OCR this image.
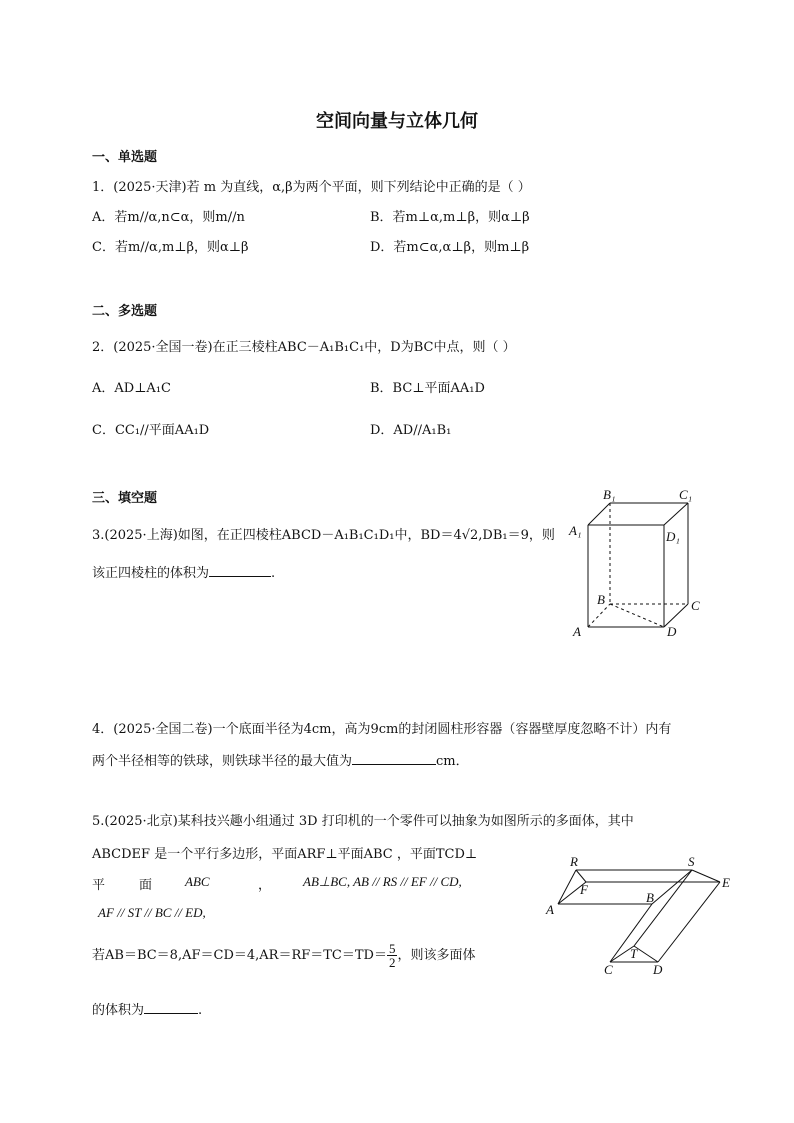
空间向量与立体几何
一、单选题
1．(2025·天津)若 m 为直线，α,β为两个平面，则下列结论中正确的是（ ）
A．若m//α,n⊂α，则m//n	B．若m⊥α,m⊥β，则α⊥β
C．若m//α,m⊥β，则α⊥β	D．若m⊂α,α⊥β，则m⊥β
二、多选题
2．(2025·全国一卷)在正三棱柱ABC－A₁B₁C₁中，D为BC中点，则（ ）
A．AD⊥A₁C	B．BC⊥平面AA₁D
C．CC₁//平面AA₁D	D．AD//A₁B₁
三、填空题
3.(2025·上海)如图，在正四棱柱ABCD－A₁B₁C₁D₁中，BD＝4√2,DB₁＝9，则
该正四棱柱的体积为	.
B₁	C₁
A₁	D₁
B	C
A	D
4．(2025·全国二卷)一个底面半径为4cm，高为9cm的封闭圆柱形容器（容器壁厚度忽略不计）内有
两个半径相等的铁球，则铁球半径的最大值为	cm．
5.(2025·北京)某科技兴趣小组通过 3D 打印机的一个零件可以抽象为如图所示的多面体，其中
ABCDEF 是一个平行多边形，平面ARF⊥平面ABC ，平面TCD⊥
平	面	ABC	， AB⊥BC, AB // RS // EF // CD,
AF // ST // BC // ED,
若$AB=BC=8,AF=CD=4,AR=RF=TC=TD= \frac{5}{2}$ ，则该多面体
的体积为	.
R	S
E
F
A
B
T
C	D
